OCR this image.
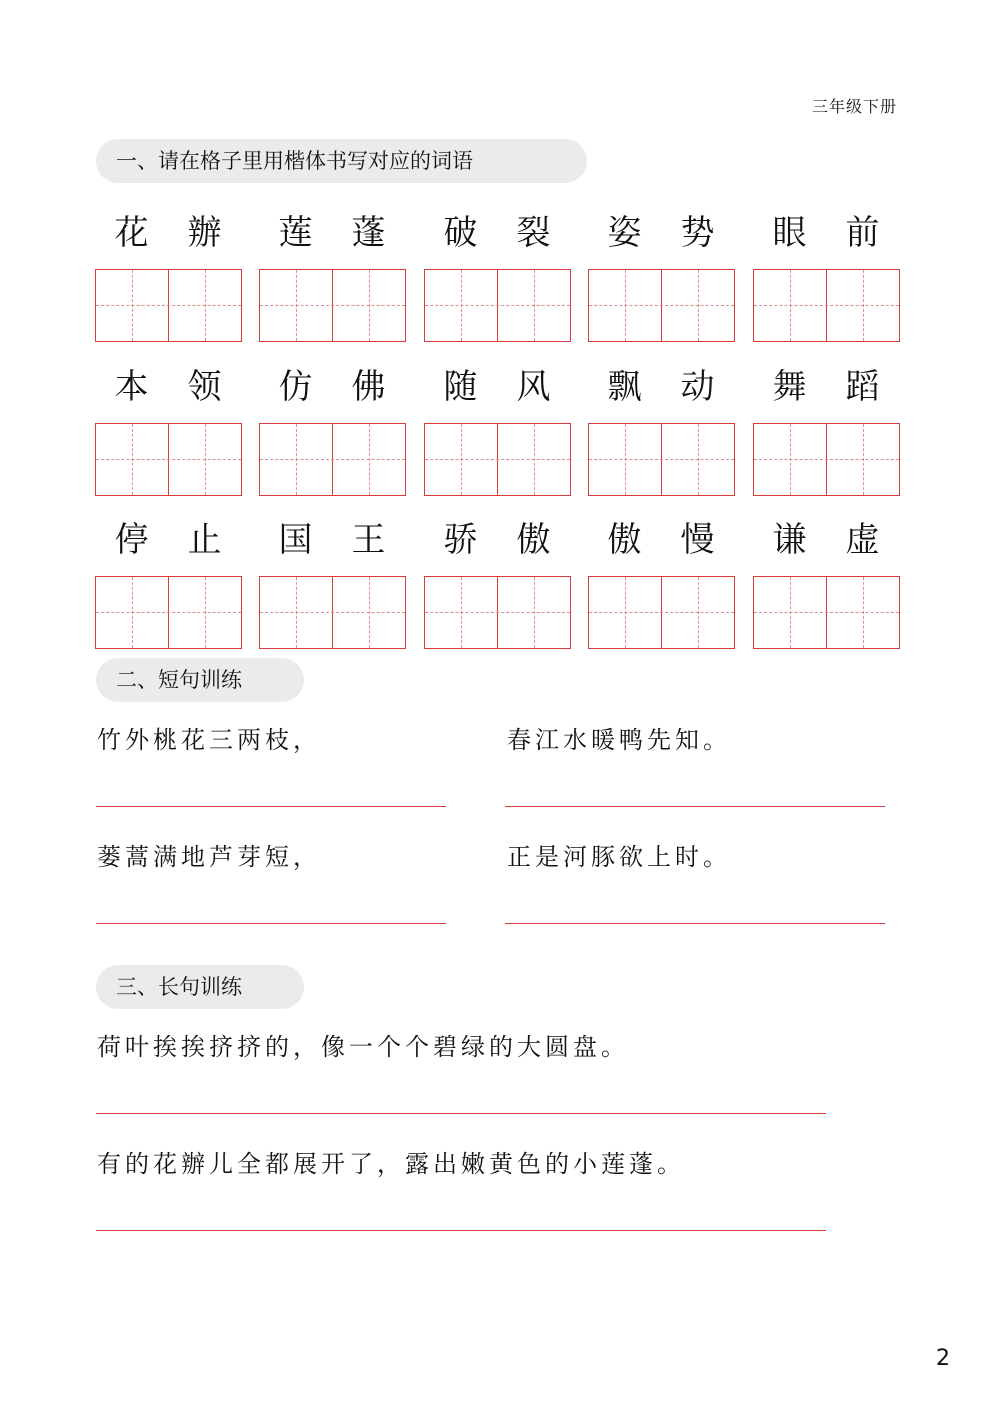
三年级下册
一、请在格子里用楷体书写对应的词语
花	辦	莲	蓬	破	裂	姿	势	眼	前
本	领	仿	佛	随	风	飘	动	舞	蹈
停	止	国	王	骄	傲	傲	慢	谦	虚
二、短句训练
竹外桃花三两枝，	春江水暖鸭先知。
蒌蒿满地芦芽短，	正是河豚欲上时。
三、长句训练
荷叶挨挨挤挤的，像一个个碧绿的大圆盘。
有的花辦儿全都展开了，露出嫩黄色的小莲蓬。
2
